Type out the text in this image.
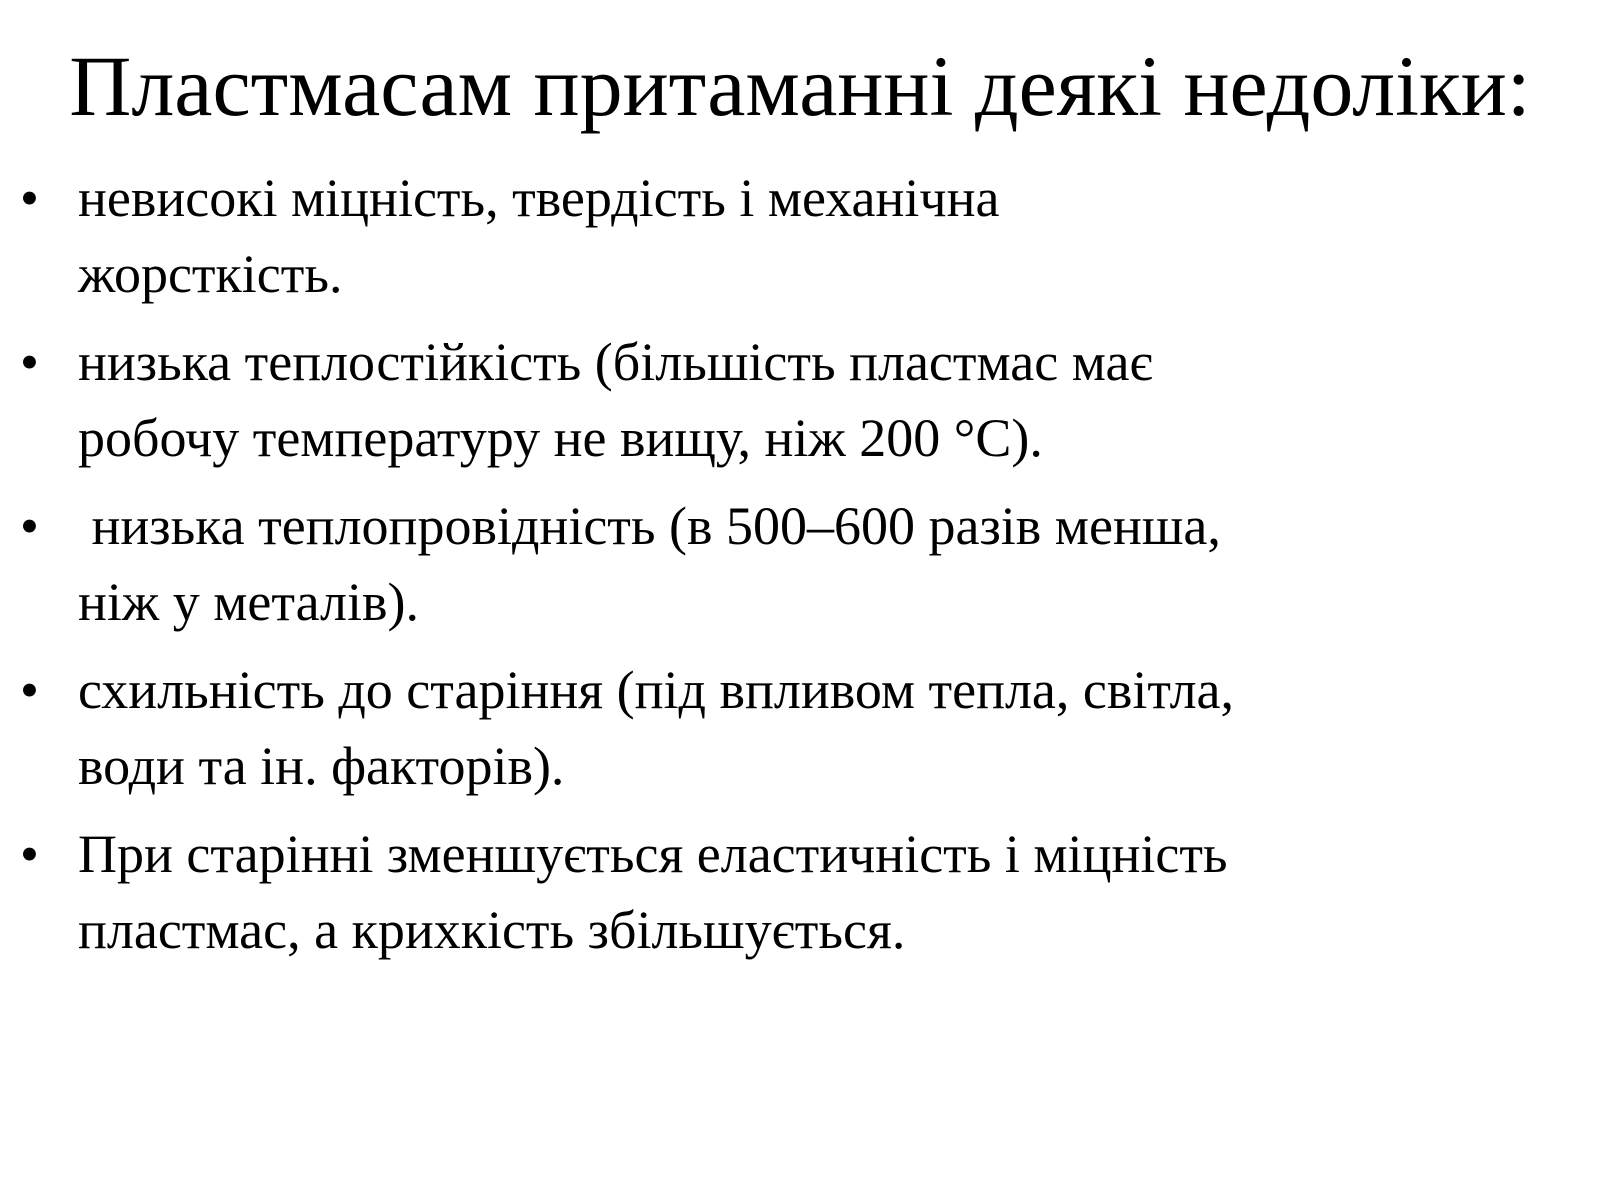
Пластмасам притаманні деякі недоліки:
• невисокі міцність, твердість і механічна
жорсткість.
• низька теплостійкість (більшість пластмас має
робочу температуру не вищу, ніж 200 °С).
• низька теплопровідність (в 500–600 разів менша,
ніж у металів).
• схильність до старіння (під впливом тепла, світла,
води та ін. факторів).
• При старінні зменшується еластичність і міцність
пластмас, а крихкість збільшується.
